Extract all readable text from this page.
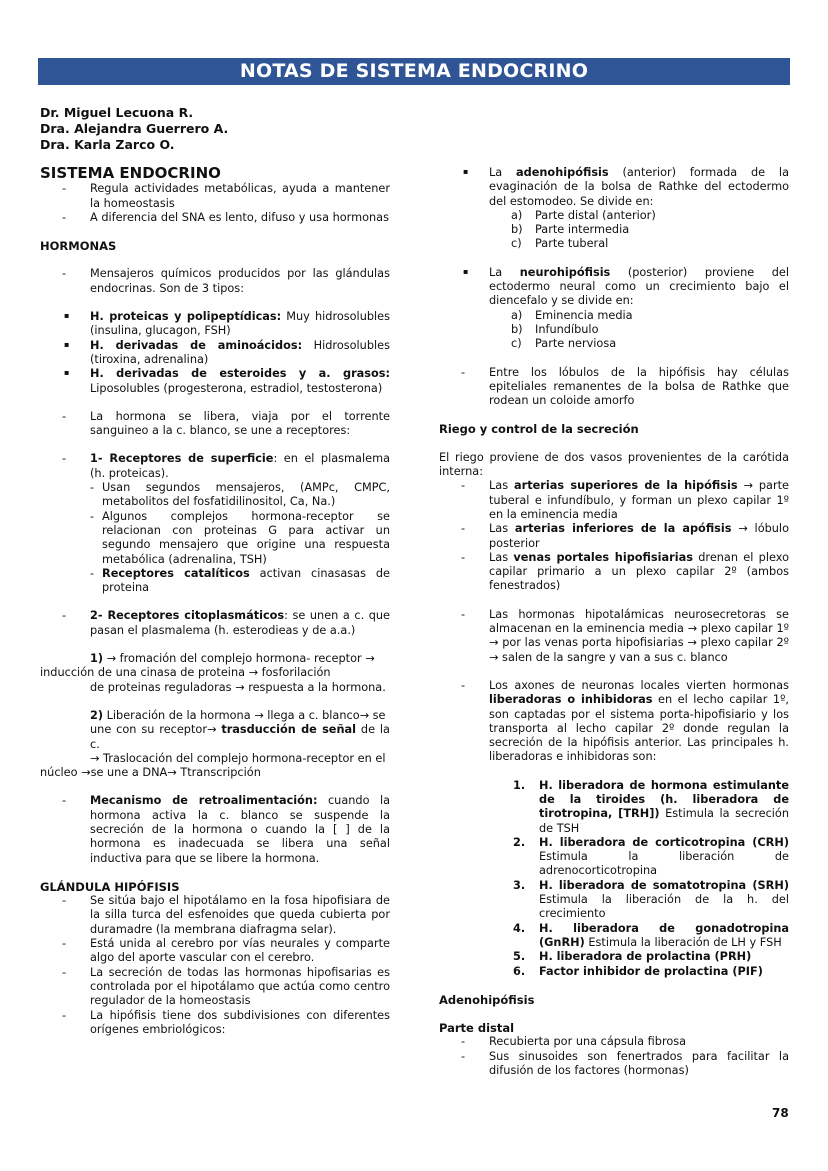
NOTAS DE SISTEMA ENDOCRINO
Dr. Miguel Lecuona R.
Dra. Alejandra Guerrero A.
Dra. Karla Zarco O.
SISTEMA ENDOCRINO
- Regula actividades metabólicas, ayuda a mantener la homeostasis
- A diferencia del SNA es lento, difuso y usa hormonas
HORMONAS
- Mensajeros químicos producidos por las glándulas endocrinas. Son de 3 tipos:
▪ H. proteicas y polipeptídicas: Muy hidrosolubles (insulina, glucagon, FSH)
▪ H. derivadas de aminoácidos: Hidrosolubles (tiroxina, adrenalina)
▪ H. derivadas de esteroides y a. grasos: Liposolubles (progesterona, estradiol, testosterona)
- La hormona se libera, viaja por el torrente sanguineo a la c. blanco, se une a receptores:
- 1- Receptores de superficie: en el plasmalema (h. proteicas).
- Usan segundos mensajeros, (AMPc, CMPC, metabolitos del fosfatidilinositol, Ca, Na.)
- Algunos complejos hormona-receptor se relacionan con proteinas G para activar un segundo mensajero que origine una respuesta metabólica (adrenalina, TSH)
- Receptores catalíticos activan cinasasas de proteina
- 2- Receptores citoplasmáticos: se unen a c. que pasan el plasmalema (h. esterodieas y de a.a.)
1) → fromación del complejo hormona- receptor →
inducción de una cinasa de proteina → fosforilación
de proteinas reguladoras → respuesta a la hormona.
2) Liberación de la hormona → llega a c. blanco→ se
une con su receptor→ trasducción de señal de la c.
→ Traslocación del complejo hormona-receptor en el
núcleo →se une a DNA→ Ttranscripción
- Mecanismo de retroalimentación: cuando la hormona activa la c. blanco se suspende la secreción de la hormona o cuando la [ ] de la hormona es inadecuada se libera una señal inductiva para que se libere la hormona.
GLÁNDULA HIPÓFISIS
- Se sitúa bajo el hipotálamo en la fosa hipofisiara de la silla turca del esfenoides que queda cubierta por duramadre (la membrana diafragma selar).
- Está unida al cerebro por vías neurales y comparte algo del aporte vascular con el cerebro.
- La secreción de todas las hormonas hipofisarias es controlada por el hipotálamo que actúa como centro regulador de la homeostasis
- La hipófisis tiene dos subdivisiones con diferentes orígenes embriológicos:
▪ La adenohipófisis (anterior) formada de la evaginación de la bolsa de Rathke del ectodermo del estomodeo. Se divide en:
a) Parte distal (anterior)
b) Parte intermedia
c) Parte tuberal
▪ La neurohipófisis (posterior) proviene del ectodermo neural como un crecimiento bajo el diencefalo y se divide en:
a) Eminencia media
b) Infundíbulo
c) Parte nerviosa
- Entre los lóbulos de la hipófisis hay células epiteliales remanentes de la bolsa de Rathke que rodean un coloide amorfo
Riego y control de la secreción
El riego proviene de dos vasos provenientes de la carótida interna:
- Las arterias superiores de la hipófisis → parte tuberal e infundíbulo, y forman un plexo capilar 1º en la eminencia media
- Las arterias inferiores de la apófisis → lóbulo posterior
- Las venas portales hipofisiarias drenan el plexo capilar primario a un plexo capilar 2º (ambos fenestrados)
- Las hormonas hipotalámicas neurosecretoras se almacenan en la eminencia media → plexo capilar 1º → por las venas porta hipofisiarias → plexo capilar 2º → salen de la sangre y van a sus c. blanco
- Los axones de neuronas locales vierten hormonas liberadoras o inhibidoras en el lecho capilar 1º, son captadas por el sistema porta-hipofisiario y los transporta al lecho capilar 2º donde regulan la secreción de la hipófisis anterior. Las principales h. liberadoras e inhibidoras son:
1. H. liberadora de hormona estimulante de la tiroides (h. liberadora de tirotropina, [TRH]) Estimula la secreción de TSH
2. H. liberadora de corticotropina (CRH) Estimula la liberación de adrenocorticotropina
3. H. liberadora de somatotropina (SRH) Estimula la liberación de la h. del crecimiento
4. H. liberadora de gonadotropina (GnRH) Estimula la liberación de LH y FSH
5. H. liberadora de prolactina (PRH)
6. Factor inhibidor de prolactina (PIF)
Adenohipófisis
Parte distal
- Recubierta por una cápsula fibrosa
- Sus sinusoides son fenertrados para facilitar la difusión de los factores (hormonas)
78
